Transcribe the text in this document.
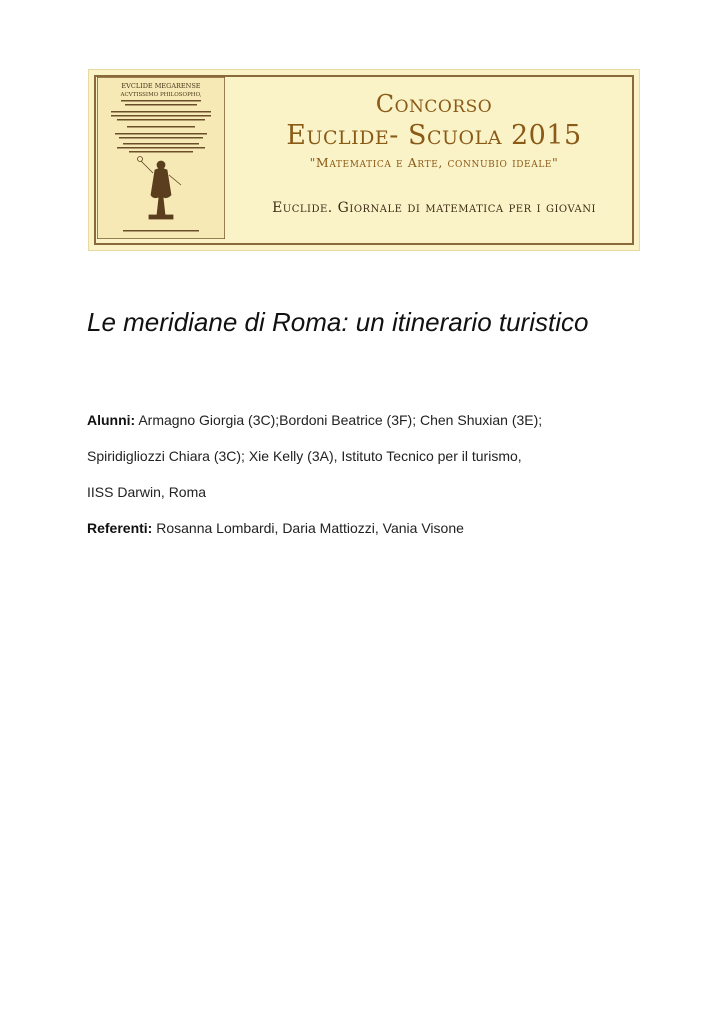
EVCLIDE MEGARENSE
ACVTISSIMO PHILOSOPHO,	Concorso
Euclide- Scuola 2015
"Matematica e Arte, connubio ideale"
Euclide. Giornale di matematica per i giovani
Le meridiane di Roma: un itinerario turistico
Alunni: Armagno Giorgia (3C);Bordoni Beatrice (3F); Chen Shuxian (3E);
Spiridigliozzi Chiara (3C); Xie Kelly (3A), Istituto Tecnico per il turismo,
IISS Darwin, Roma
Referenti: Rosanna Lombardi, Daria Mattiozzi, Vania Visone
